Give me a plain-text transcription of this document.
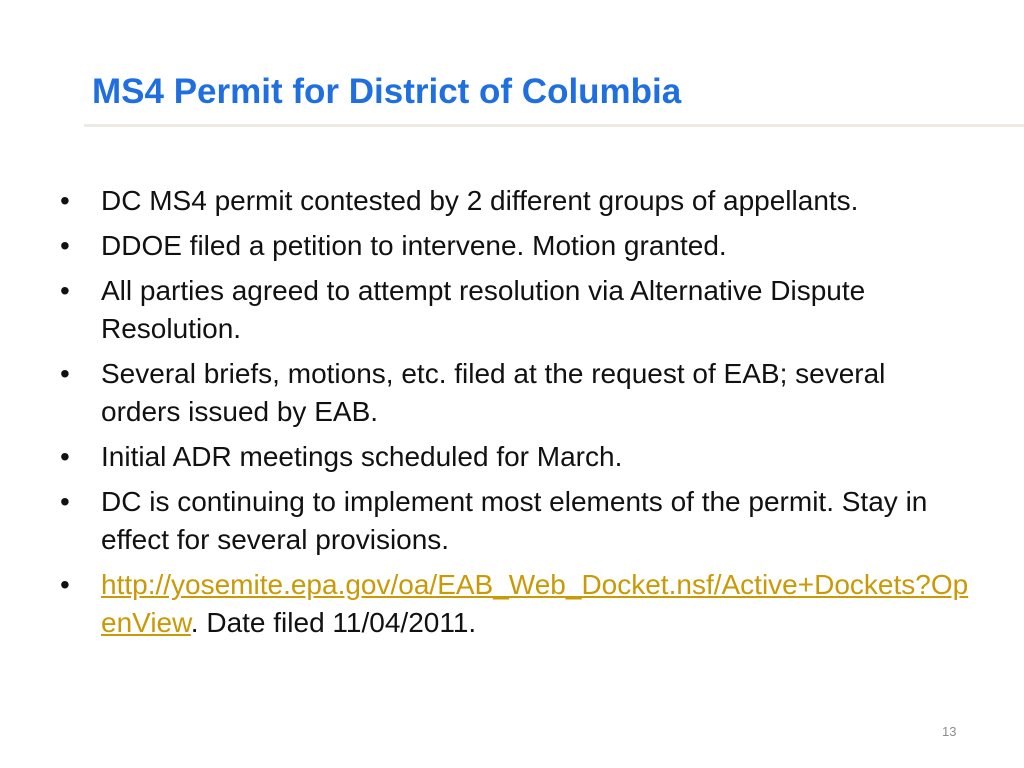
MS4 Permit for District of Columbia
• DC MS4 permit contested by 2 different groups of appellants.
• DDOE filed a petition to intervene. Motion granted.
• All parties agreed to attempt resolution via Alternative Dispute Resolution.
• Several briefs, motions, etc. filed at the request of EAB; several orders issued by EAB.
• Initial ADR meetings scheduled for March.
• DC is continuing to implement most elements of the permit. Stay in effect for several provisions.
• http://yosemite.epa.gov/oa/EAB_Web_Docket.nsf/Active+Dockets?OpenView. Date filed 11/04/2011.
13
